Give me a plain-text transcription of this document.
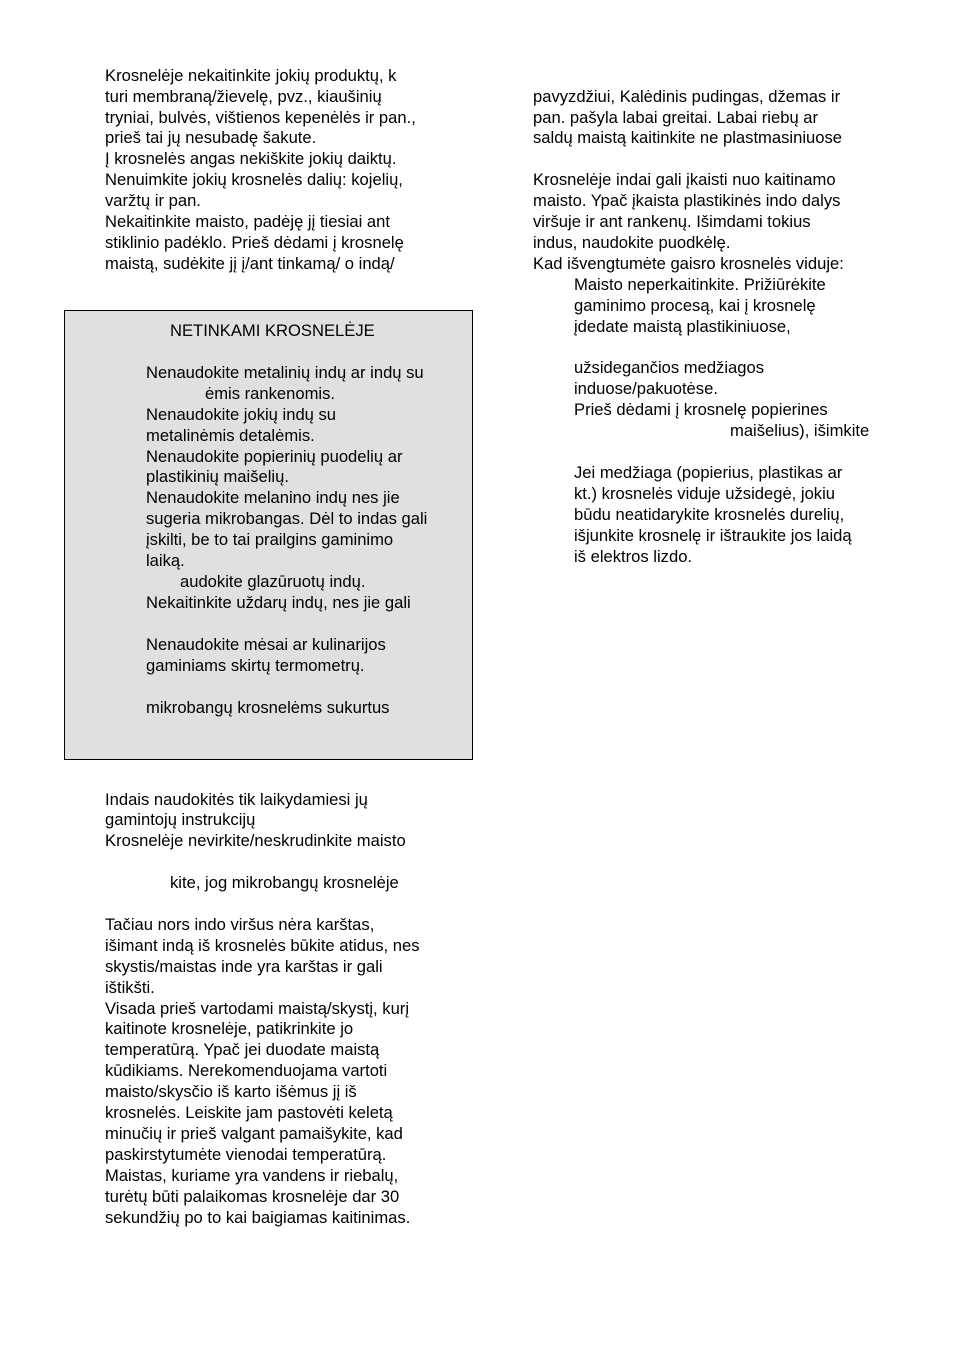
Krosnelėje nekaitinkite jokių produktų, k
turi membraną/žievelę, pvz., kiaušinių
tryniai, bulvės, vištienos kepenėlės ir pan.,
prieš tai jų nesubadę šakute.
Į krosnelės angas nekiškite jokių daiktų.
Nenuimkite jokių krosnelės dalių: kojelių,
varžtų ir pan.
Nekaitinkite maisto, padėję jį tiesiai ant
stiklinio padėklo. Prieš dėdami į krosnelę
maistą, sudėkite jį į/ant tinkamą/ o indą/
NETINKAMI KROSNELĖJE
Nenaudokite metalinių indų ar indų su
ėmis rankenomis.
Nenaudokite jokių indų su
metalinėmis detalėmis.
Nenaudokite popierinių puodelių ar
plastikinių maišelių.
Nenaudokite melanino indų nes jie
sugeria mikrobangas. Dėl to indas gali
įskilti, be to tai prailgins gaminimo
laiką.
audokite glazūruotų indų.
Nekaitinkite uždarų indų, nes jie gali
Nenaudokite mėsai ar kulinarijos
gaminiams skirtų termometrų.
mikrobangų krosnelėms sukurtus
Indais naudokitės tik laikydamiesi jų
gamintojų instrukcijų
Krosnelėje nevirkite/neskrudinkite maisto
kite, jog mikrobangų krosnelėje
Tačiau nors indo viršus nėra karštas,
išimant indą iš krosnelės būkite atidus, nes
skystis/maistas inde yra karštas ir gali
ištikšti.
Visada prieš vartodami maistą/skystį, kurį
kaitinote krosnelėje, patikrinkite jo
temperatūrą. Ypač jei duodate maistą
kūdikiams. Nerekomenduojama vartoti
maisto/skysčio iš karto išėmus jį iš
krosnelės. Leiskite jam pastovėti keletą
minučių ir prieš valgant pamaišykite, kad
paskirstytumėte vienodai temperatūrą.
Maistas, kuriame yra vandens ir riebalų,
turėtų būti palaikomas krosnelėje dar 30
sekundžių po to kai baigiamas kaitinimas.
pavyzdžiui, Kalėdinis pudingas, džemas ir
pan. pašyla labai greitai. Labai riebų ar
saldų maistą kaitinkite ne plastmasiniuose
Krosnelėje indai gali įkaisti nuo kaitinamo
maisto. Ypač įkaista plastikinės indo dalys
viršuje ir ant rankenų. Išimdami tokius
indus, naudokite puodkėlę.
Kad išvengtumėte gaisro krosnelės viduje:
Maisto neperkaitinkite. Prižiūrėkite
gaminimo procesą, kai į krosnelę
įdedate maistą plastikiniuose,
užsidegančios medžiagos
induose/pakuotėse.
Prieš dėdami į krosnelę popierines
maišelius), išimkite
Jei medžiaga (popierius, plastikas ar
kt.) krosnelės viduje užsidegė, jokiu
būdu neatidarykite krosnelės durelių,
išjunkite krosnelę ir ištraukite jos laidą
iš elektros lizdo.
